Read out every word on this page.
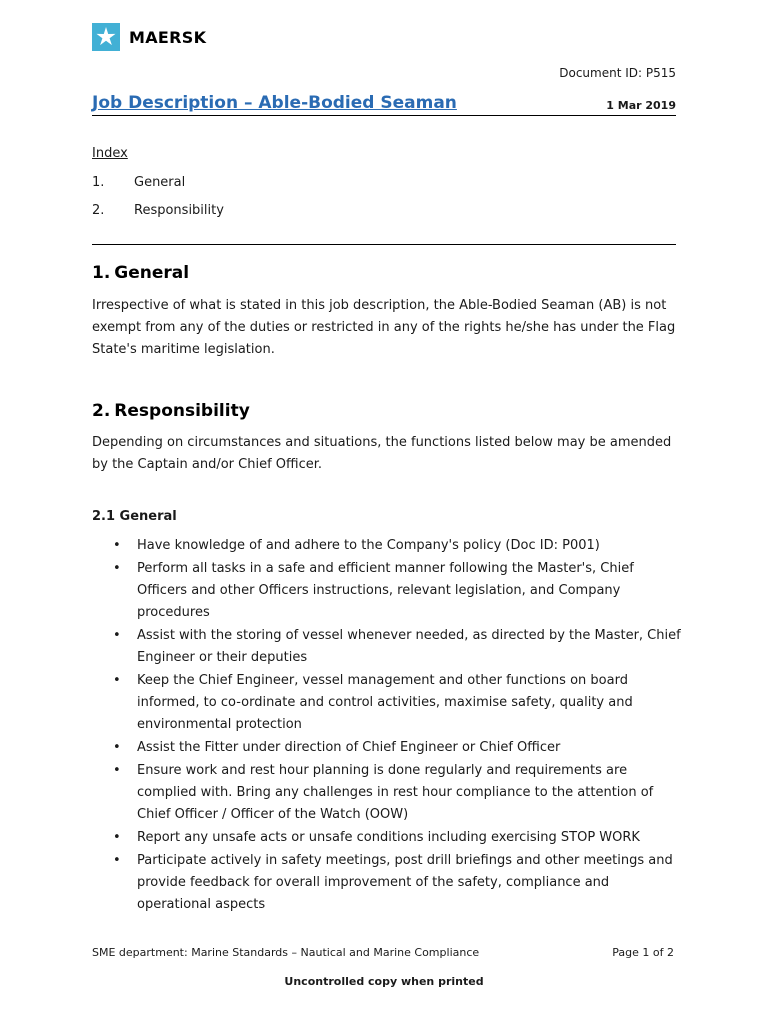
MAERSK
Document ID: P515
Job Description – Able-Bodied Seaman	1 Mar 2019
Index
1. General
2. Responsibility
1. General

Irrespective of what is stated in this job description, the Able-Bodied Seaman (AB) is not exempt from any of the duties or restricted in any of the rights he/she has under the Flag State's maritime legislation.

2. Responsibility

Depending on circumstances and situations, the functions listed below may be amended by the Captain and/or Chief Officer.

2.1 General
• Have knowledge of and adhere to the Company's policy (Doc ID: P001)
• Perform all tasks in a safe and efficient manner following the Master's, Chief Officers and other Officers instructions, relevant legislation, and Company procedures
• Assist with the storing of vessel whenever needed, as directed by the Master, Chief Engineer or their deputies
• Keep the Chief Engineer, vessel management and other functions on board informed, to co-ordinate and control activities, maximise safety, quality and environmental protection
• Assist the Fitter under direction of Chief Engineer or Chief Officer
• Ensure work and rest hour planning is done regularly and requirements are complied with. Bring any challenges in rest hour compliance to the attention of Chief Officer / Officer of the Watch (OOW)
• Report any unsafe acts or unsafe conditions including exercising STOP WORK
• Participate actively in safety meetings, post drill briefings and other meetings and provide feedback for overall improvement of the safety, compliance and operational aspects
SME department: Marine Standards – Nautical and Marine Compliance	Page 1 of 2
Uncontrolled copy when printed
